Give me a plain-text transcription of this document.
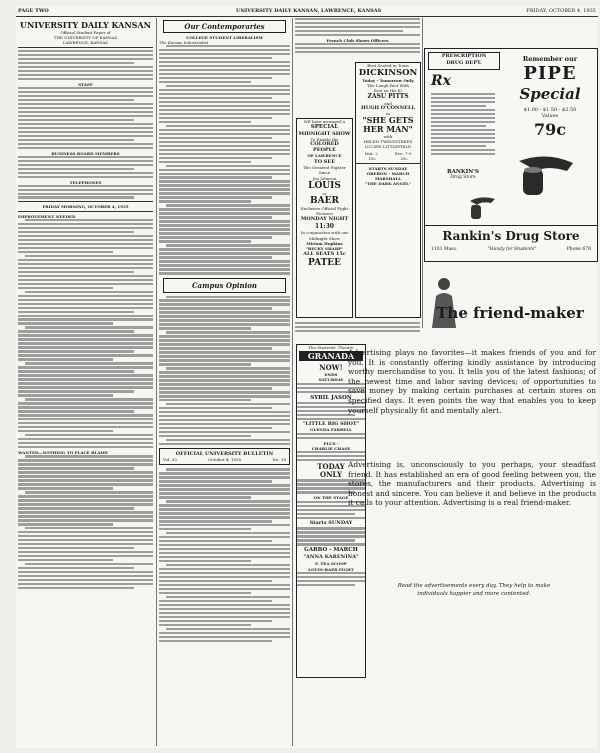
PAGE TWO	UNIVERSITY DAILY KANSAN, LAWRENCE, KANSAS	FRIDAY, OCTOBER 4, 1935
UNIVERSITY DAILY KANSAN
Official Student Paper of
THE UNIVERSITY OF KANSAS
LAWRENCE, KANSAS
STAFF
BUSINESS BOARD MEMBERS
TELEPHONES
FRIDAY MORNING, OCTOBER 4, 1935
IMPROVEMENT NEEDED
WANTED—NOTHING TO PLACE BLAME
Our Contemporaries
COLLEGE STUDENT LIBERALISM
The Kansas Industrialist
Campus Opinion
OFFICIAL UNIVERSITY BULLETIN
Vol. 33	October 4, 1935	No. 18
French Club Shows Officers
Best Seated in Town
DICKINSON
Today - Tomorrow Only
The Laugh Riot With
Zest on the K!
ZASU PITTS
and
HUGH O'CONNELL
in
"SHE GETS HER MAN"
with
HELEN TWELVETREES
LUCIEN LITTLEFIELD
Mat. 2	Eve. 7-9
15c	25c
STARTS SUNDAY
OBERON - MARCH
MARSHALL
"THE DARK ANGEL"
WE have arranged a
SPECIAL
MIDNIGHT SHOW
To Enable the
COLORED
PEOPLE
OF LAWRENCE
TO SEE
The Greatest Fighter Since
Joe Johnson
LOUIS
vs
BAER
Exclusive Official Fight Pictures
MONDAY NIGHT
11:30
In conjunction with our
Midnight Show
Miriam Hopkins
"BECKY SHARP"
ALL SEATS 15c
PATEE
The Students' Theatre
GRANADA
NOW!
ENDS
SATURDAY
SYBIL JASON
"LITTLE BIG SHOT"
GLENDA FARRELL
PLUS -
CHARLIE CHASE
TODAY
ONLY
ON THE STAGE
Starts SUNDAY
GARBO - MARCH
"ANNA KARENINA"
F. TEA SCOOP
LOUIS-BAER FIGHT
PRESCRIPTION
DRUG DEPT.
Rx
RANKIN'S
Drug Store
Remember our
PIPE
Special
$1.00 - $1.50 - $2.50
Values
79c
Rankin's Drug Store
1101 Mass.	"Handy for Students"	Phone 678
The friend-maker
Advertising plays no favorites—it makes friends of you and for you. It is constantly offering kindly assistance by introducing worthy merchandise to you. It tells you of the latest fashions; of the newest time and labor saving devices; of opportunities to save money by making certain purchases at certain stores on specified days. It even points the way that enables you to keep yourself physically fit and mentally alert.
Advertising is, unconsciously to you perhaps, your steadfast friend. It has established an era of good feeling between you, the stores, the manufacturers and their products. Advertising is honest and sincere. You can believe it and believe in the products it calls to your attention. Advertising is a real friend-maker.
Read the advertisements every day. They help to make
individuals happier and more contented.
